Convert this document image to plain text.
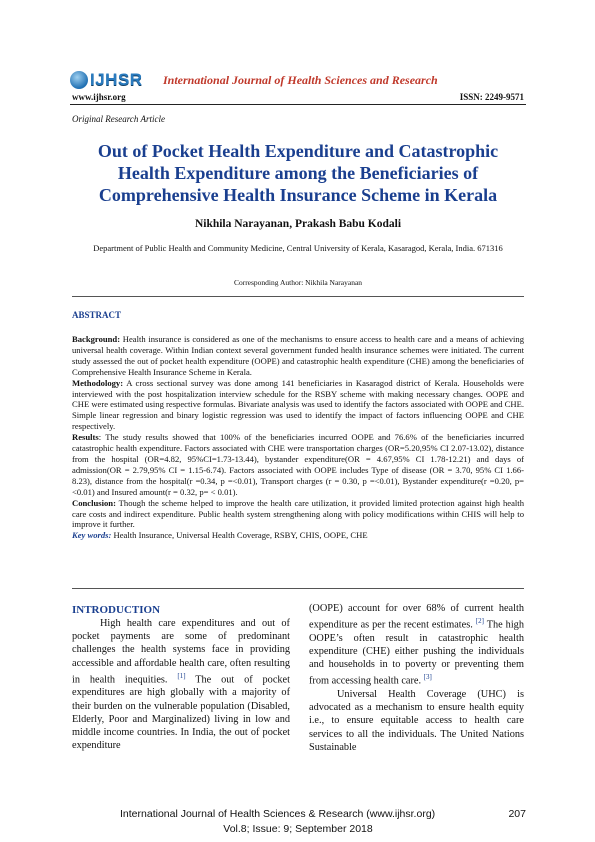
IJHSR International Journal of Health Sciences and Research
www.ijhsr.org	ISSN: 2249-9571
Original Research Article
Out of Pocket Health Expenditure and Catastrophic Health Expenditure among the Beneficiaries of Comprehensive Health Insurance Scheme in Kerala
Nikhila Narayanan, Prakash Babu Kodali
Department of Public Health and Community Medicine, Central University of Kerala, Kasaragod, Kerala, India. 671316
Corresponding Author: Nikhila Narayanan
ABSTRACT

Background: Health insurance is considered as one of the mechanisms to ensure access to health care and a means of achieving universal health coverage. Within Indian context several government funded health insurance schemes were initiated. The current study assessed the out of pocket health expenditure (OOPE) and catastrophic health expenditure (CHE) among the beneficiaries of Comprehensive Health Insurance Scheme in Kerala.

Methodology: A cross sectional survey was done among 141 beneficiaries in Kasaragod district of Kerala. Households were interviewed with the post hospitalization interview schedule for the RSBY scheme with making necessary changes. OOPE and CHE were estimated using respective formulas. Bivariate analysis was used to identify the factors associated with OOPE and CHE. Simple linear regression and binary logistic regression was used to identify the impact of factors influencing OOPE and CHE respectively.

Results: The study results showed that 100% of the beneficiaries incurred OOPE and 76.6% of the beneficiaries incurred catastrophic health expenditure. Factors associated with CHE were transportation charges (OR=5.20,95% CI 2.07-13.02), distance from the hospital (OR=4.82, 95%CI=1.73-13.44), bystander expenditure(OR = 4.67,95% CI 1.78-12.21) and days of admission(OR = 2.79,95% CI = 1.15-6.74). Factors associated with OOPE includes Type of disease (OR = 3.70, 95% CI 1.66- 8.23), distance from the hospital(r =0.34, p =<0.01), Transport charges (r = 0.30, p =<0.01), Bystander expenditure(r =0.20, p= <0.01) and Insured amount(r = 0.32, p= < 0.01).

Conclusion: Though the scheme helped to improve the health care utilization, it provided limited protection against high health care costs and indirect expenditure. Public health system strengthening along with policy modifications within CHIS will help to improve it further.

Key words: Health Insurance, Universal Health Coverage, RSBY, CHIS, OOPE, CHE

INTRODUCTION

High health care expenditures and out of pocket payments are some of predominant challenges the health systems face in providing accessible and affordable health care, often resulting in health inequities. [1] The out of pocket expenditures are high globally with a majority of their burden on the vulnerable population (Disabled, Elderly, Poor and Marginalized) living in low and middle income countries. In India, the out of pocket expenditure

(OOPE) account for over 68% of current health expenditure as per the recent estimates. [2] The high OOPE’s often result in catastrophic health expenditure (CHE) either pushing the individuals and households in to poverty or preventing them from accessing health care. [3]

Universal Health Coverage (UHC) is advocated as a mechanism to ensure health equity i.e., to ensure equitable access to health care services to all the individuals. The United Nations Sustainable

International Journal of Health Sciences & Research (www.ijhsr.org)	207
Vol.8; Issue: 9; September 2018
